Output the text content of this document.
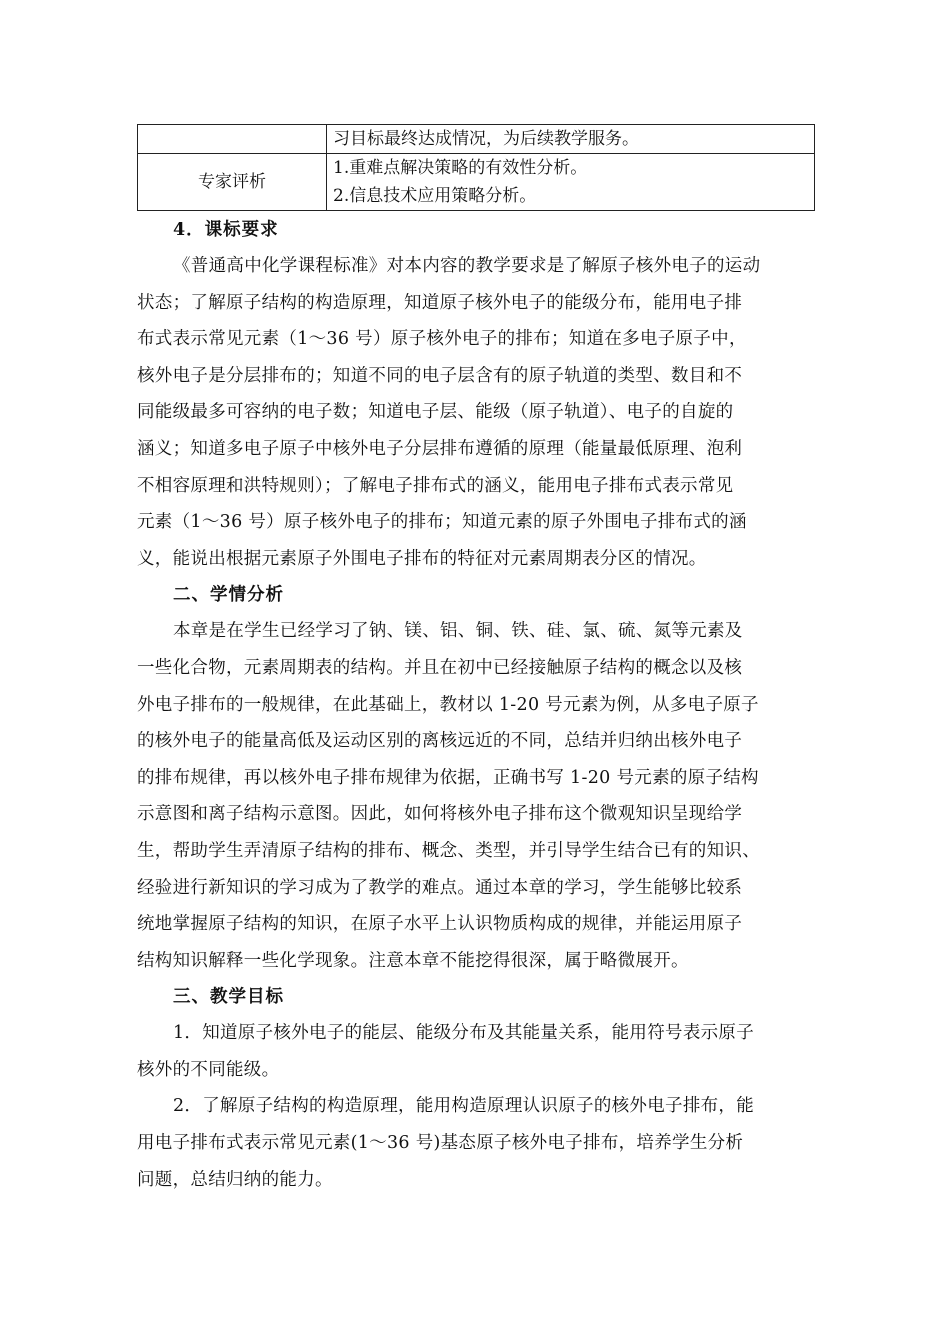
	习目标最终达成情况，为后续教学服务。
专家评析	1.重难点解决策略的有效性分析。
2.信息技术应用策略分析。

4．课标要求

《普通高中化学课程标准》对本内容的教学要求是了解原子核外电子的运动

状态；了解原子结构的构造原理，知道原子核外电子的能级分布，能用电子排
布式表示常见元素（1～36 号）原子核外电子的排布；知道在多电子原子中，
核外电子是分层排布的；知道不同的电子层含有的原子轨道的类型、数目和不
同能级最多可容纳的电子数；知道电子层、能级（原子轨道）、电子的自旋的
涵义；知道多电子原子中核外电子分层排布遵循的原理（能量最低原理、泡利
不相容原理和洪特规则）；了解电子排布式的涵义，能用电子排布式表示常见
元素（1～36 号）原子核外电子的排布；知道元素的原子外围电子排布式的涵
义，能说出根据元素原子外围电子排布的特征对元素周期表分区的情况。

二、学情分析

本章是在学生已经学习了钠、镁、铝、铜、铁、硅、氯、硫、氮等元素及

一些化合物，元素周期表的结构。并且在初中已经接触原子结构的概念以及核
外电子排布的一般规律，在此基础上，教材以 1-20 号元素为例，从多电子原子
的核外电子的能量高低及运动区别的离核远近的不同，总结并归纳出核外电子
的排布规律，再以核外电子排布规律为依据，正确书写 1-20 号元素的原子结构
示意图和离子结构示意图。因此，如何将核外电子排布这个微观知识呈现给学
生，帮助学生弄清原子结构的排布、概念、类型，并引导学生结合已有的知识、
经验进行新知识的学习成为了教学的难点。通过本章的学习，学生能够比较系
统地掌握原子结构的知识，在原子水平上认识物质构成的规律，并能运用原子
结构知识解释一些化学现象。注意本章不能挖得很深，属于略微展开。

三、教学目标

1．知道原子核外电子的能层、能级分布及其能量关系，能用符号表示原子

核外的不同能级。

2．了解原子结构的构造原理，能用构造原理认识原子的核外电子排布，能

用电子排布式表示常见元素(1～36 号)基态原子核外电子排布，培养学生分析
问题，总结归纳的能力。
